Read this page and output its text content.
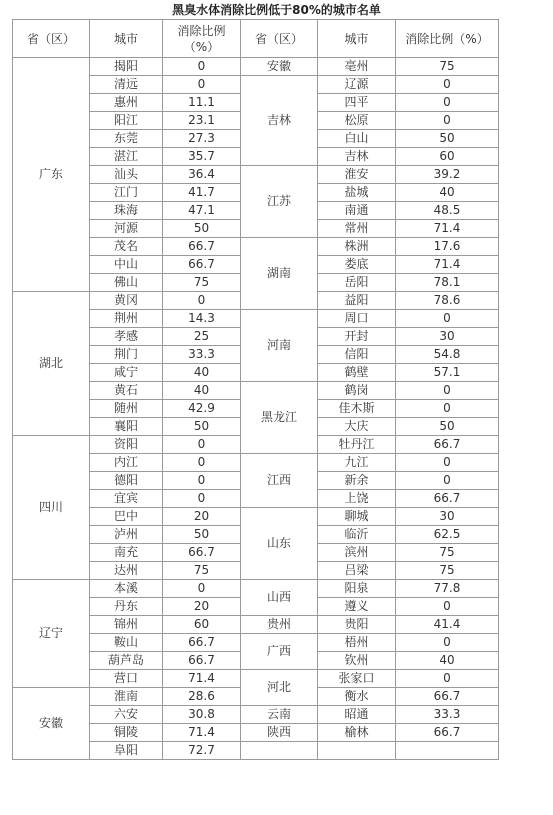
黑臭水体消除比例低于80%的城市名单
省（区）	城市	消除比例（%）	省（区）	城市	消除比例（%）
广东	揭阳	0	安徽	亳州	75
	清远	0	吉林	辽源	0
	惠州	11.1		四平	0
	阳江	23.1		松原	0
	东莞	27.3		白山	50
	湛江	35.7		吉林	60
	汕头	36.4	江苏	淮安	39.2
	江门	41.7		盐城	40
	珠海	47.1		南通	48.5
	河源	50		常州	71.4
	茂名	66.7	湖南	株洲	17.6
	中山	66.7		娄底	71.4
	佛山	75		岳阳	78.1
湖北	黄冈	0		益阳	78.6
	荆州	14.3	河南	周口	0
	孝感	25		开封	30
	荆门	33.3		信阳	54.8
	咸宁	40		鹤壁	57.1
	黄石	40	黑龙江	鹤岗	0
	随州	42.9		佳木斯	0
	襄阳	50		大庆	50
四川	资阳	0		牡丹江	66.7
	内江	0	江西	九江	0
	德阳	0		新余	0
	宜宾	0		上饶	66.7
	巴中	20	山东	聊城	30
	泸州	50		临沂	62.5
	南充	66.7		滨州	75
	达州	75		吕梁	75
辽宁	本溪	0	山西	阳泉	77.8
	丹东	20		遵义	0
	锦州	60	贵州	贵阳	41.4
	鞍山	66.7	广西	梧州	0
	葫芦岛	66.7		钦州	40
	营口	71.4	河北	张家口	0
安徽	淮南	28.6		衡水	66.7
	六安	30.8	云南	昭通	33.3
	铜陵	71.4	陕西	榆林	66.7
	阜阳	72.7			
